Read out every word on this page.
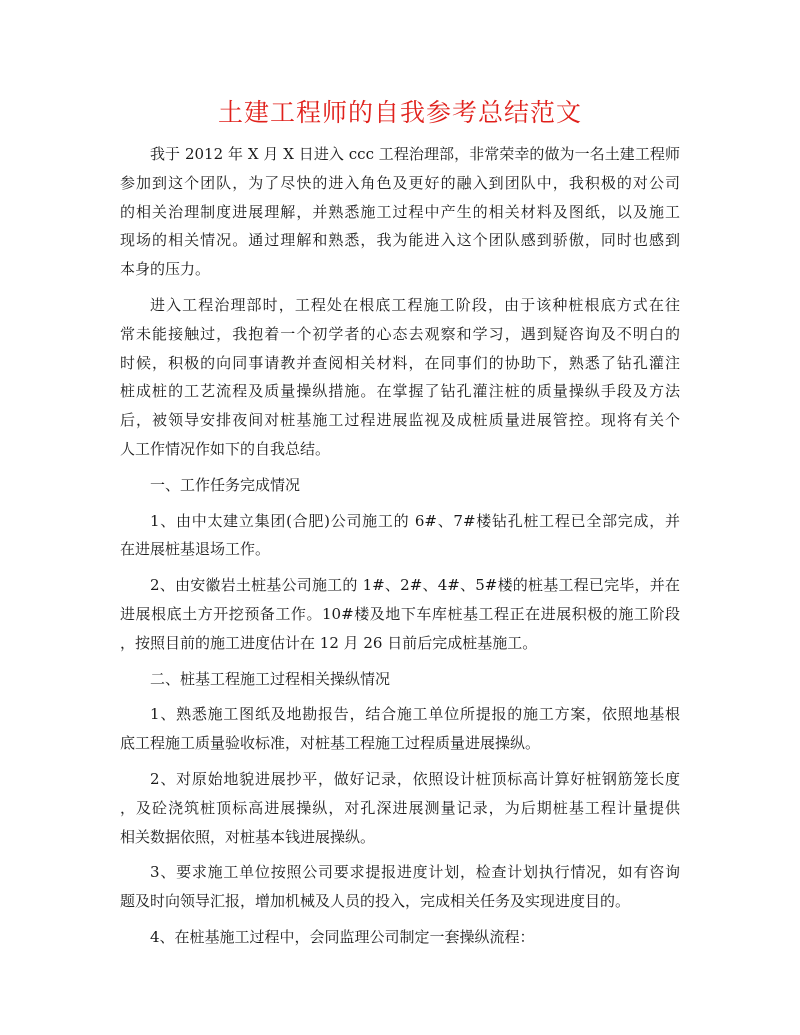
土建工程师的自我参考总结范文
我于 2012 年 X 月 X 日进入 ccc 工程治理部，非常荣幸的做为一名土建工程师
参加到这个团队，为了尽快的进入角色及更好的融入到团队中，我积极的对公司
的相关治理制度进展理解，并熟悉施工过程中产生的相关材料及图纸，以及施工
现场的相关情况。通过理解和熟悉，我为能进入这个团队感到骄傲，同时也感到
本身的压力。
进入工程治理部时，工程处在根底工程施工阶段，由于该种桩根底方式在往
常未能接触过，我抱着一个初学者的心态去观察和学习，遇到疑咨询及不明白的
时候，积极的向同事请教并查阅相关材料，在同事们的协助下，熟悉了钻孔灌注
桩成桩的工艺流程及质量操纵措施。在掌握了钻孔灌注桩的质量操纵手段及方法
后，被领导安排夜间对桩基施工过程进展监视及成桩质量进展管控。现将有关个
人工作情况作如下的自我总结。
一、工作任务完成情况
1、由中太建立集团(合肥)公司施工的 6#、7#楼钻孔桩工程已全部完成，并
在进展桩基退场工作。
2、由安徽岩土桩基公司施工的 1#、2#、4#、5#楼的桩基工程已完毕，并在
进展根底土方开挖预备工作。10#楼及地下车库桩基工程正在进展积极的施工阶段
，按照目前的施工进度估计在 12 月 26 日前后完成桩基施工。
二、桩基工程施工过程相关操纵情况
1、熟悉施工图纸及地勘报告，结合施工单位所提报的施工方案，依照地基根
底工程施工质量验收标准，对桩基工程施工过程质量进展操纵。
2、对原始地貌进展抄平，做好记录，依照设计桩顶标高计算好桩钢筋笼长度
，及砼浇筑桩顶标高进展操纵，对孔深进展测量记录，为后期桩基工程计量提供
相关数据依照，对桩基本钱进展操纵。
3、要求施工单位按照公司要求提报进度计划，检查计划执行情况，如有咨询
题及时向领导汇报，增加机械及人员的投入，完成相关任务及实现进度目的。
4、在桩基施工过程中，会同监理公司制定一套操纵流程：
